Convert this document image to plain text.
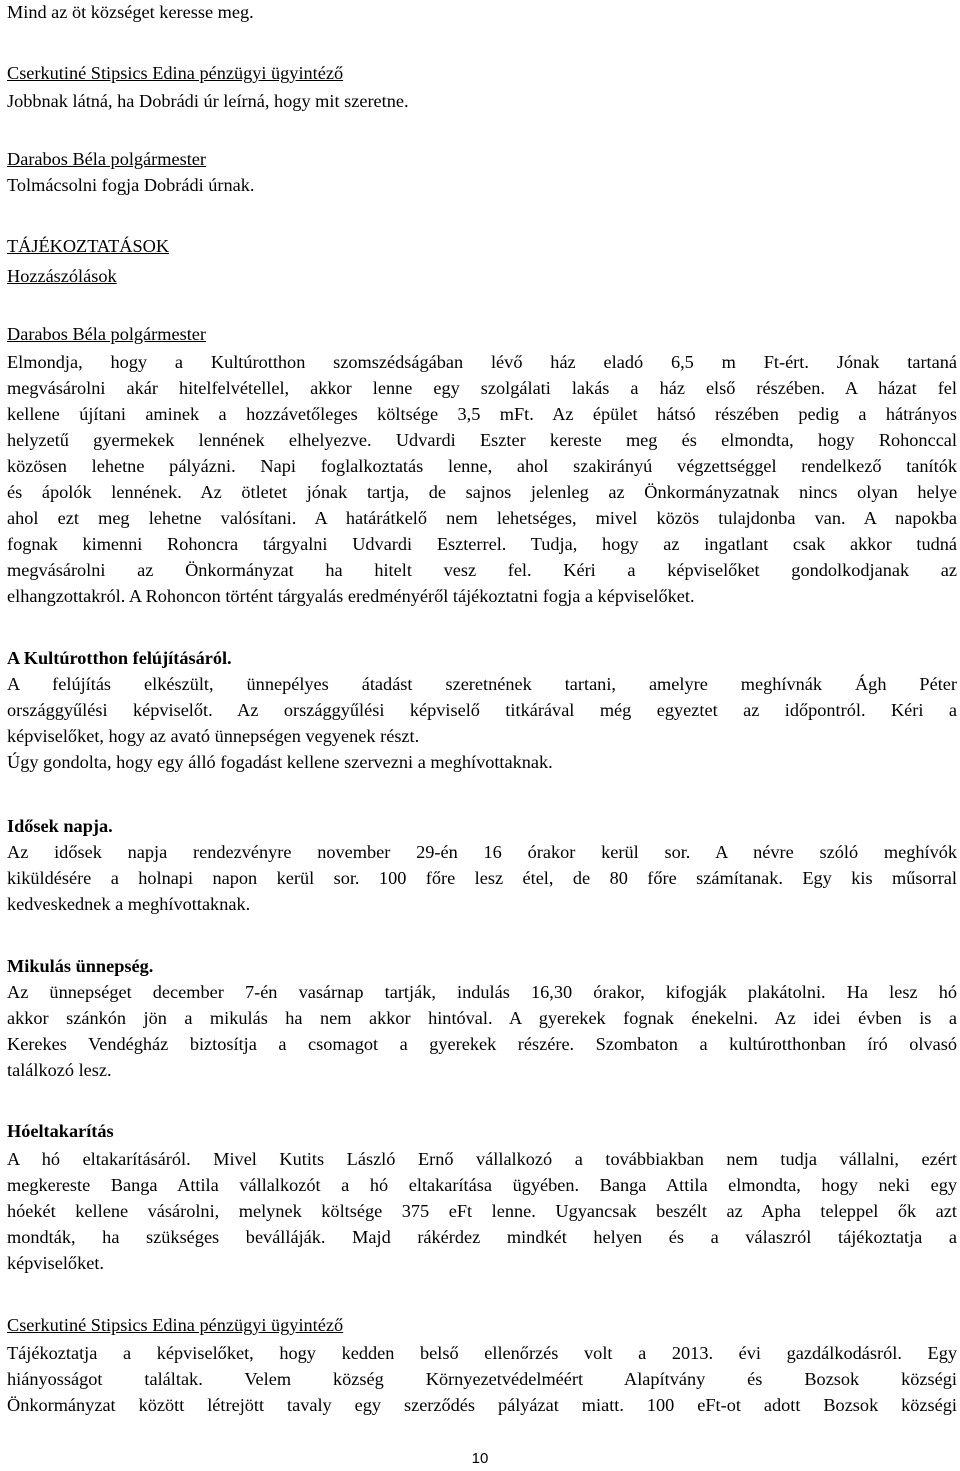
Mind az öt községet keresse meg.
Cserkutiné Stipsics Edina pénzügyi ügyintéző
Jobbnak látná, ha Dobrádi úr leírná, hogy mit szeretne.
Darabos Béla polgármester
Tolmácsolni fogja Dobrádi úrnak.
TÁJÉKOZTATÁSOK
Hozzászólások
Darabos Béla polgármester
Elmondja, hogy a Kultúrotthon szomszédságában lévő ház eladó 6,5 m Ft-ért. Jónak tartaná
megvásárolni akár hitelfelvétellel, akkor lenne egy szolgálati lakás a ház első részében. A házat fel
kellene újítani aminek a hozzávetőleges költsége 3,5 mFt. Az épület hátsó részében pedig a hátrányos
helyzetű gyermekek lennének elhelyezve. Udvardi Eszter kereste meg és elmondta, hogy Rohonccal
közösen lehetne pályázni. Napi foglalkoztatás lenne, ahol szakirányú végzettséggel rendelkező tanítók
és ápolók lennének. Az ötletet jónak tartja, de sajnos jelenleg az Önkormányzatnak nincs olyan helye
ahol ezt meg lehetne valósítani. A határátkelő nem lehetséges, mivel közös tulajdonba van. A napokba
fognak kimenni Rohoncra tárgyalni Udvardi Eszterrel. Tudja, hogy az ingatlant csak akkor tudná
megvásárolni az Önkormányzat ha hitelt vesz fel. Kéri a képviselőket gondolkodjanak az
elhangzottakról. A Rohoncon történt tárgyalás eredményéről tájékoztatni fogja a képviselőket.
A Kultúrotthon felújításáról.
A felújítás elkészült, ünnepélyes átadást szeretnének tartani, amelyre meghívnák Ágh Péter
országgyűlési képviselőt. Az országgyűlési képviselő titkárával még egyeztet az időpontról. Kéri a
képviselőket, hogy az avató ünnepségen vegyenek részt.
Úgy gondolta, hogy egy álló fogadást kellene szervezni a meghívottaknak.
Idősek napja.
Az idősek napja rendezvényre november 29-én 16 órakor kerül sor. A névre szóló meghívók
kiküldésére a holnapi napon kerül sor. 100 főre lesz étel, de 80 főre számítanak. Egy kis műsorral
kedveskednek a meghívottaknak.
Mikulás ünnepség.
Az ünnepséget december 7-én vasárnap tartják, indulás 16,30 órakor, kifogják plakátolni. Ha lesz hó
akkor szánkón jön a mikulás ha nem akkor hintóval. A gyerekek fognak énekelni. Az idei évben is a
Kerekes Vendégház biztosítja a csomagot a gyerekek részére. Szombaton a kultúrotthonban író olvasó
találkozó lesz.
Hóeltakarítás
A hó eltakarításáról. Mivel Kutits László Ernő vállalkozó a továbbiakban nem tudja vállalni, ezért
megkereste Banga Attila vállalkozót a hó eltakarítása ügyében. Banga Attila elmondta, hogy neki egy
hóekét kellene vásárolni, melynek költsége 375 eFt lenne. Ugyancsak beszélt az Apha teleppel ők azt
mondták, ha szükséges beválláják. Majd rákérdez mindkét helyen és a válaszról tájékoztatja a
képviselőket.
Cserkutiné Stipsics Edina pénzügyi ügyintéző
Tájékoztatja a képviselőket, hogy kedden belső ellenőrzés volt a 2013. évi gazdálkodásról. Egy
hiányosságot találtak. Velem község Környezetvédelméért Alapítvány és Bozsok községi
Önkormányzat között létrejött tavaly egy szerződés pályázat miatt. 100 eFt-ot adott Bozsok községi
10
